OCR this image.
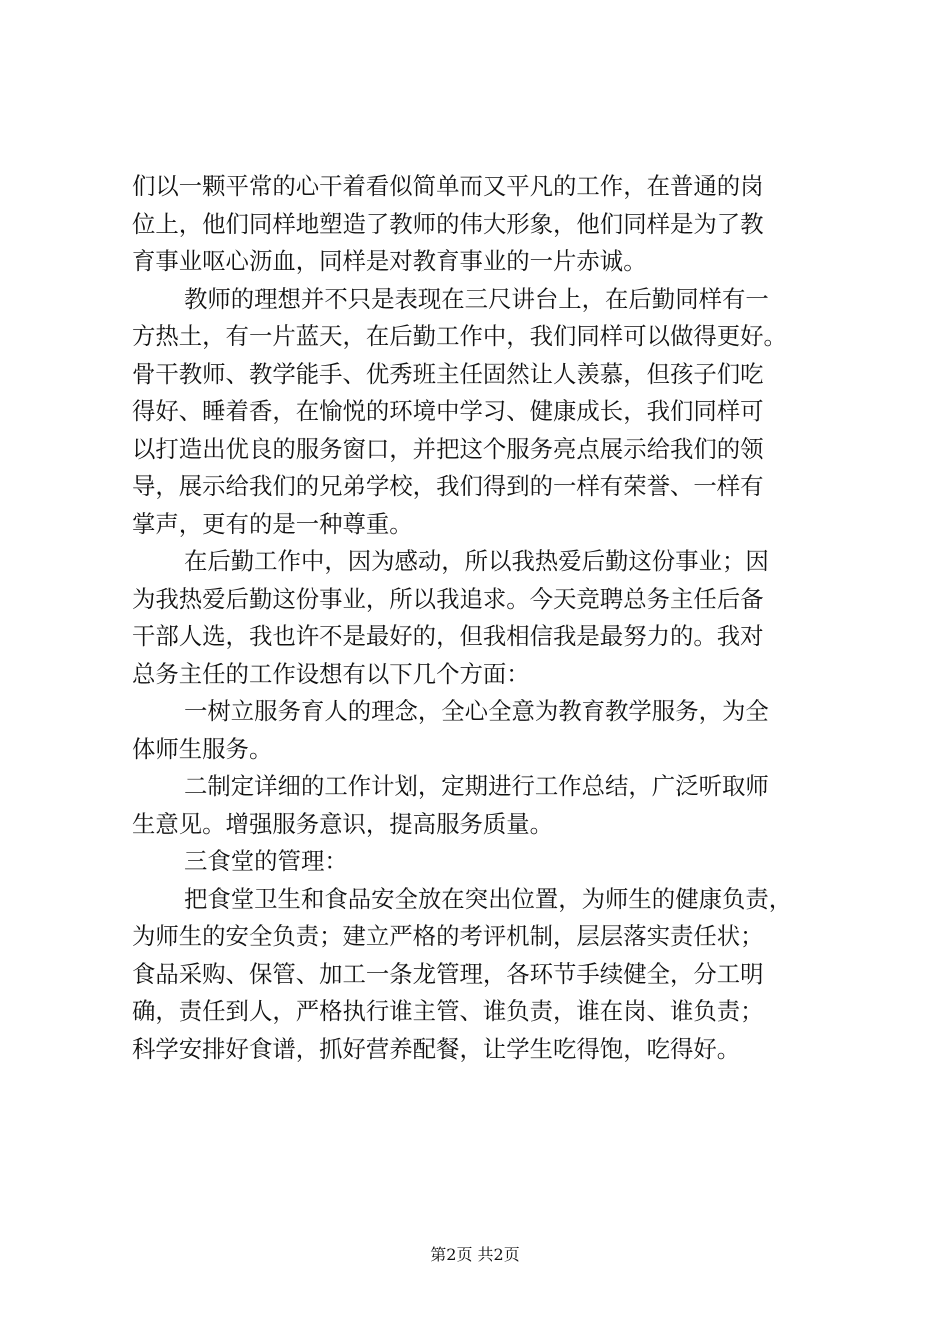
们以一颗平常的心干着看似简单而又平凡的工作，在普通的岗
位上，他们同样地塑造了教师的伟大形象，他们同样是为了教
育事业呕心沥血，同样是对教育事业的一片赤诚。
教师的理想并不只是表现在三尺讲台上，在后勤同样有一
方热土，有一片蓝天，在后勤工作中，我们同样可以做得更好。
骨干教师、教学能手、优秀班主任固然让人羡慕，但孩子们吃
得好、睡着香，在愉悦的环境中学习、健康成长，我们同样可
以打造出优良的服务窗口，并把这个服务亮点展示给我们的领
导，展示给我们的兄弟学校，我们得到的一样有荣誉、一样有
掌声，更有的是一种尊重。
在后勤工作中，因为感动，所以我热爱后勤这份事业；因
为我热爱后勤这份事业，所以我追求。今天竞聘总务主任后备
干部人选，我也许不是最好的，但我相信我是最努力的。我对
总务主任的工作设想有以下几个方面：
一树立服务育人的理念，全心全意为教育教学服务，为全
体师生服务。
二制定详细的工作计划，定期进行工作总结，广泛听取师
生意见。增强服务意识，提高服务质量。
三食堂的管理：
把食堂卫生和食品安全放在突出位置，为师生的健康负责，
为师生的安全负责；建立严格的考评机制，层层落实责任状；
食品采购、保管、加工一条龙管理，各环节手续健全，分工明
确，责任到人，严格执行谁主管、谁负责，谁在岗、谁负责；
科学安排好食谱，抓好营养配餐，让学生吃得饱，吃得好。
第2页 共2页
